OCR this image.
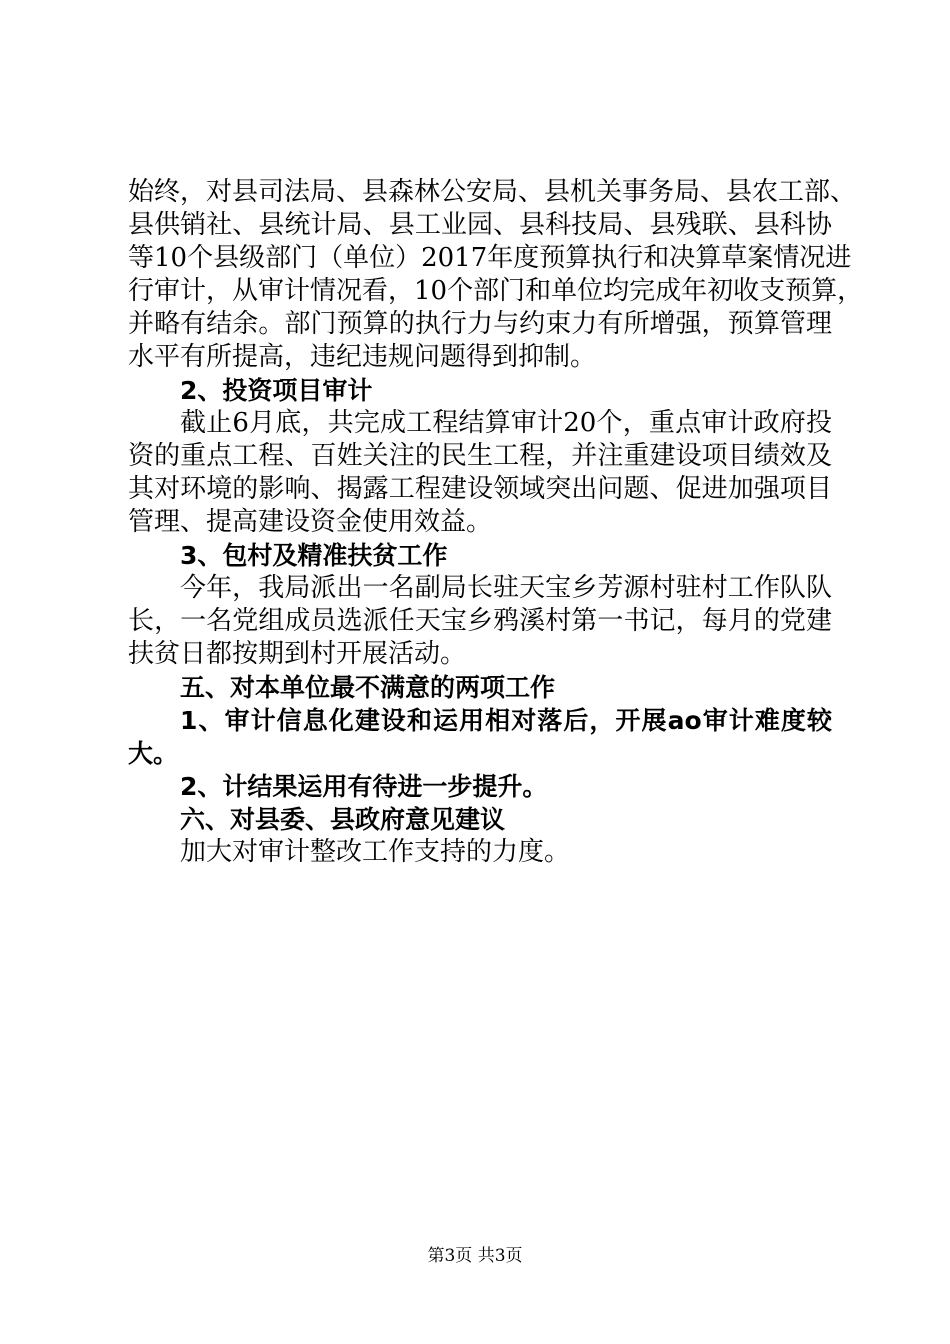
始终，对县司法局、县森林公安局、县机关事务局、县农工部、
县供销社、县统计局、县工业园、县科技局、县残联、县科协
等10个县级部门（单位）2017年度预算执行和决算草案情况进
行审计，从审计情况看，10个部门和单位均完成年初收支预算，
并略有结余。部门预算的执行力与约束力有所增强，预算管理
水平有所提高，违纪违规问题得到抑制。
2、投资项目审计
截止6月底，共完成工程结算审计20个，重点审计政府投
资的重点工程、百姓关注的民生工程，并注重建设项目绩效及
其对环境的影响、揭露工程建设领域突出问题、促进加强项目
管理、提高建设资金使用效益。
3、包村及精准扶贫工作
今年，我局派出一名副局长驻天宝乡芳源村驻村工作队队
长，一名党组成员选派任天宝乡鸦溪村第一书记，每月的党建
扶贫日都按期到村开展活动。
五、对本单位最不满意的两项工作
1、审计信息化建设和运用相对落后，开展ao审计难度较
大。
2、计结果运用有待进一步提升。
六、对县委、县政府意见建议
加大对审计整改工作支持的力度。
第3页 共3页
